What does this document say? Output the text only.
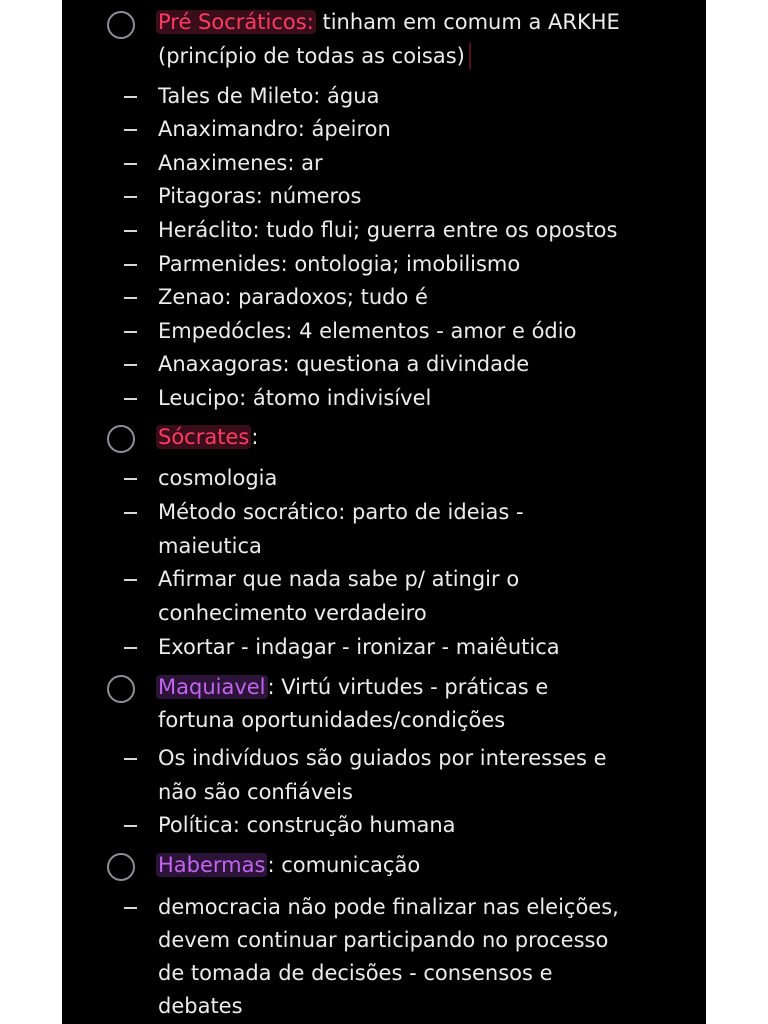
Pré Socráticos: tinham em comum a ARKHE
(princípio de todas as coisas)
Tales de Mileto: água
Anaximandro: ápeiron
Anaximenes: ar
Pitagoras: números
Heráclito: tudo flui; guerra entre os opostos
Parmenides: ontologia; imobilismo
Zenao: paradoxos; tudo é
Empedócles: 4 elementos - amor e ódio
Anaxagoras: questiona a divindade
Leucipo: átomo indivisível
Sócrates:
cosmologia
Método socrático: parto de ideias -
maieutica
Afirmar que nada sabe p/ atingir o
conhecimento verdadeiro
Exortar - indagar - ironizar - maiêutica
Maquiavel: Virtú virtudes - práticas e
fortuna oportunidades/condições
Os indivíduos são guiados por interesses e
não são confiáveis
Política: construção humana
Habermas: comunicação
democracia não pode finalizar nas eleições,
devem continuar participando no processo
de tomada de decisões - consensos e
debates
